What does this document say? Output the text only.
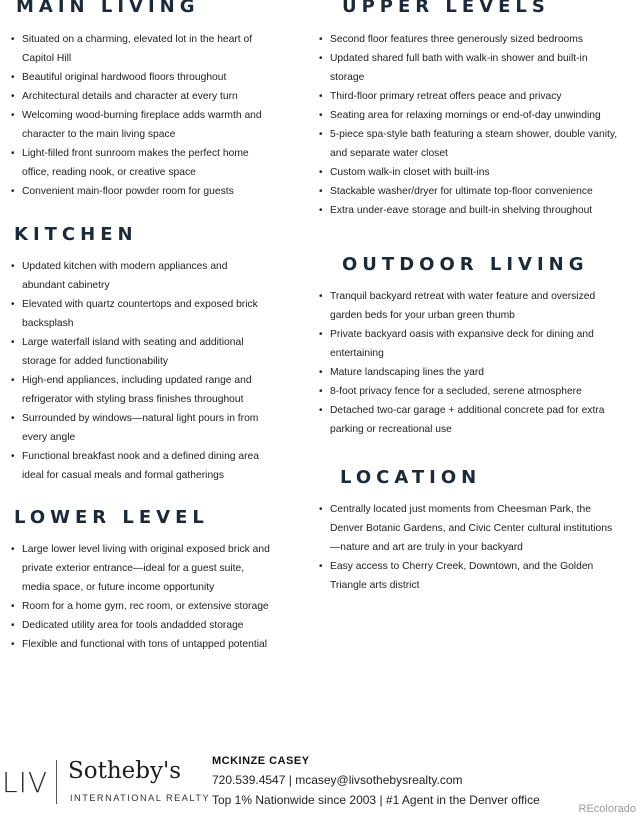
MAIN LIVING
• Situated on a charming, elevated lot in the heart of Capitol Hill
• Beautiful original hardwood floors throughout
• Architectural details and character at every turn
• Welcoming wood-burning fireplace adds warmth and character to the main living space
• Light-filled front sunroom makes the perfect home office, reading nook, or creative space
• Convenient main-floor powder room for guests
KITCHEN
• Updated kitchen with modern appliances and abundant cabinetry
• Elevated with quartz countertops and exposed brick backsplash
• Large waterfall island with seating and additional storage for added functionability
• High-end appliances, including updated range and refrigerator with styling brass finishes throughout
• Surrounded by windows—natural light pours in from every angle
• Functional breakfast nook and a defined dining area ideal for casual meals and formal gatherings
LOWER LEVEL
• Large lower level living with original exposed brick and private exterior entrance—ideal for a guest suite, media space, or future income opportunity
• Room for a home gym, rec room, or extensive storage
• Dedicated utility area for tools andadded storage
• Flexible and functional with tons of untapped potential
UPPER LEVELS
• Second floor features three generously sized bedrooms
• Updated shared full bath with walk-in shower and built-in storage
• Third-floor primary retreat offers peace and privacy
• Seating area for relaxing mornings or end-of-day unwinding
• 5-piece spa-style bath featuring a steam shower, double vanity, and separate water closet
• Custom walk-in closet with built-ins
• Stackable washer/dryer for ultimate top-floor convenience
• Extra under-eave storage and built-in shelving throughout
OUTDOOR LIVING
• Tranquil backyard retreat with water feature and oversized garden beds for your urban green thumb
• Private backyard oasis with expansive deck for dining and entertaining
• Mature landscaping lines the yard
• 8-foot privacy fence for a secluded, serene atmosphere
• Detached two-car garage + additional concrete pad for extra parking or recreational use
LOCATION
• Centrally located just moments from Cheesman Park, the Denver Botanic Gardens, and Civic Center cultural institutions—nature and art are truly in your backyard
• Easy access to Cherry Creek, Downtown, and the Golden Triangle arts district
LIV Sotheby's
INTERNATIONAL REALTY
MCKINZE CASEY
720.539.4547 | mcasey@livsothebysrealty.com
Top 1% Nationwide since 2003 | #1 Agent in the Denver office
REcolorado
